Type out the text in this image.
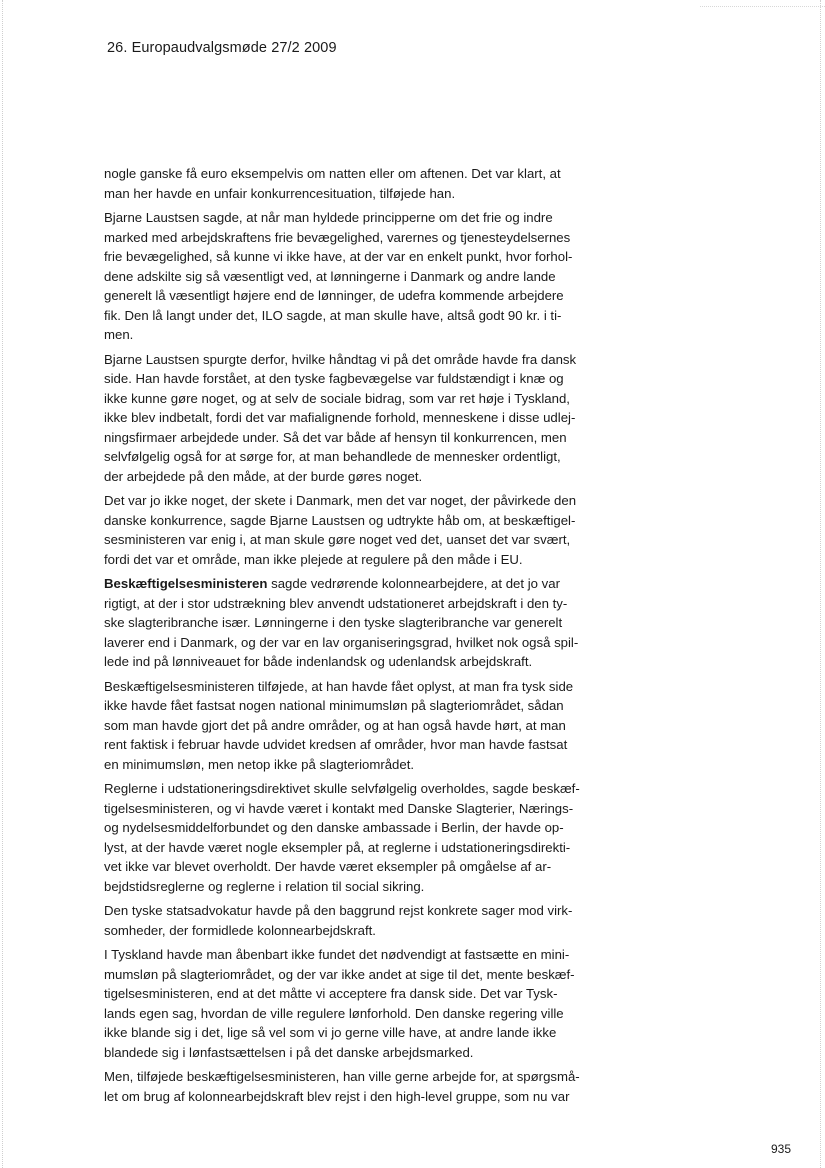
26. Europaudvalgsmøde 27/2 2009

nogle ganske få euro eksempelvis om natten eller om aftenen. Det var klart, at
man her havde en unfair konkurrencesituation, tilføjede han.

Bjarne Laustsen sagde, at når man hyldede principperne om det frie og indre
marked med arbejdskraftens frie bevægelighed, varernes og tjenesteydelsernes
frie bevægelighed, så kunne vi ikke have, at der var en enkelt punkt, hvor forhol-
dene adskilte sig så væsentligt ved, at lønningerne i Danmark og andre lande
generelt lå væsentligt højere end de lønninger, de udefra kommende arbejdere
fik. Den lå langt under det, ILO sagde, at man skulle have, altså godt 90 kr. i ti-
men.

Bjarne Laustsen spurgte derfor, hvilke håndtag vi på det område havde fra dansk
side. Han havde forstået, at den tyske fagbevægelse var fuldstændigt i knæ og
ikke kunne gøre noget, og at selv de sociale bidrag, som var ret høje i Tyskland,
ikke blev indbetalt, fordi det var mafialignende forhold, menneskene i disse udlej-
ningsfirmaer arbejdede under. Så det var både af hensyn til konkurrencen, men
selvfølgelig også for at sørge for, at man behandlede de mennesker ordentligt,
der arbejdede på den måde, at der burde gøres noget.

Det var jo ikke noget, der skete i Danmark, men det var noget, der påvirkede den
danske konkurrence, sagde Bjarne Laustsen og udtrykte håb om, at beskæftigel-
sesministeren var enig i, at man skule gøre noget ved det, uanset det var svært,
fordi det var et område, man ikke plejede at regulere på den måde i EU.

Beskæftigelsesministeren sagde vedrørende kolonnearbejdere, at det jo var
rigtigt, at der i stor udstrækning blev anvendt udstationeret arbejdskraft i den ty-
ske slagteribranche især. Lønningerne i den tyske slagteribranche var generelt
laverer end i Danmark, og der var en lav organiseringsgrad, hvilket nok også spil-
lede ind på lønniveauet for både indenlandsk og udenlandsk arbejdskraft.

Beskæftigelsesministeren tilføjede, at han havde fået oplyst, at man fra tysk side
ikke havde fået fastsat nogen national minimumsløn på slagteriområdet, sådan
som man havde gjort det på andre områder, og at han også havde hørt, at man
rent faktisk i februar havde udvidet kredsen af områder, hvor man havde fastsat
en minimumsløn, men netop ikke på slagteriområdet.

Reglerne i udstationeringsdirektivet skulle selvfølgelig overholdes, sagde beskæf-
tigelsesministeren, og vi havde været i kontakt med Danske Slagterier, Nærings-
og nydelsesmiddelforbundet og den danske ambassade i Berlin, der havde op-
lyst, at der havde været nogle eksempler på, at reglerne i udstationeringsdirekti-
vet ikke var blevet overholdt. Der havde været eksempler på omgåelse af ar-
bejdstidsreglerne og reglerne i relation til social sikring.

Den tyske statsadvokatur havde på den baggrund rejst konkrete sager mod virk-
somheder, der formidlede kolonnearbejdskraft.

I Tyskland havde man åbenbart ikke fundet det nødvendigt at fastsætte en mini-
mumsløn på slagteriområdet, og der var ikke andet at sige til det, mente beskæf-
tigelsesministeren, end at det måtte vi acceptere fra dansk side. Det var Tysk-
lands egen sag, hvordan de ville regulere lønforhold. Den danske regering ville
ikke blande sig i det, lige så vel som vi jo gerne ville have, at andre lande ikke
blandede sig i lønfastsættelsen i på det danske arbejdsmarked.

Men, tilføjede beskæftigelsesministeren, han ville gerne arbejde for, at spørgsmå-
let om brug af kolonnearbejdskraft blev rejst i den high-level gruppe, som nu var

935
